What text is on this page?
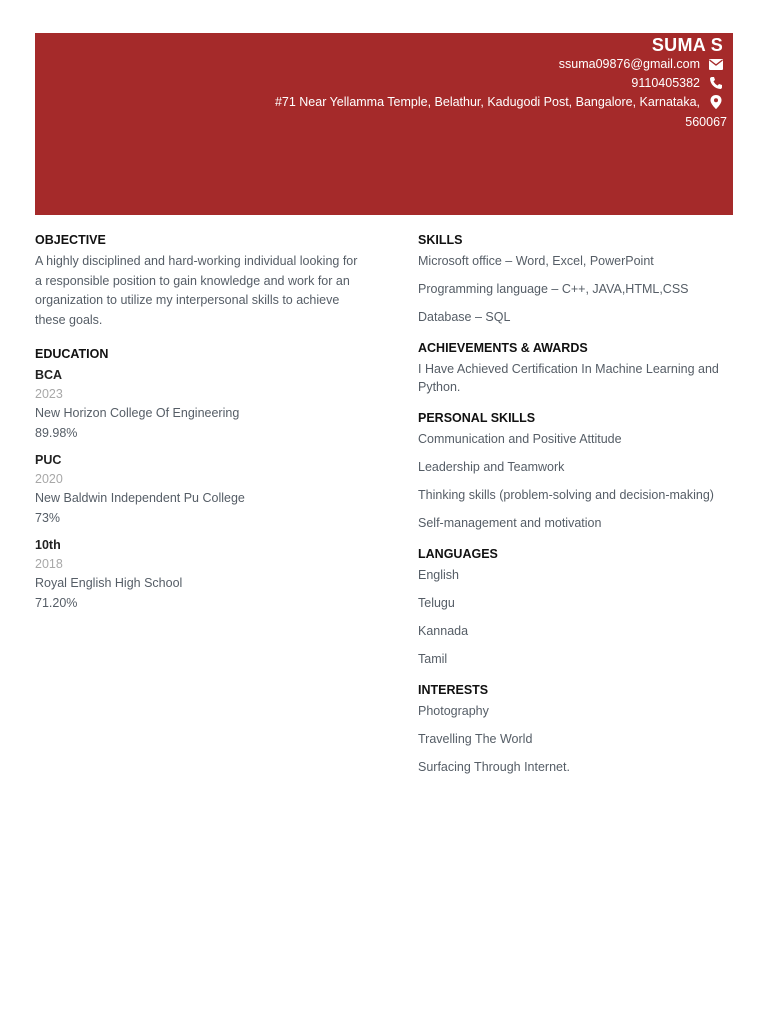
SUMA S
ssuma09876@gmail.com
9110405382
#71 Near Yellamma Temple, Belathur, Kadugodi Post, Bangalore, Karnataka,
560067
OBJECTIVE

A highly disciplined and hard-working individual looking for a responsible position to gain knowledge and work for an organization to utilize my interpersonal skills to achieve these goals.

EDUCATION
BCA
2023
New Horizon College Of Engineering
89.98%
PUC
2020
New Baldwin Independent Pu College
73%
10th
2018
Royal English High School
71.20%
SKILLS
Microsoft office – Word, Excel, PowerPoint
Programming language – C++, JAVA,HTML,CSS
Database – SQL
ACHIEVEMENTS & AWARDS
I Have Achieved Certification In Machine Learning and Python.
PERSONAL SKILLS
Communication and Positive Attitude
Leadership and Teamwork
Thinking skills (problem-solving and decision-making)
Self-management and motivation
LANGUAGES
English
Telugu
Kannada
Tamil
INTERESTS
Photography
Travelling The World
Surfacing Through Internet.
